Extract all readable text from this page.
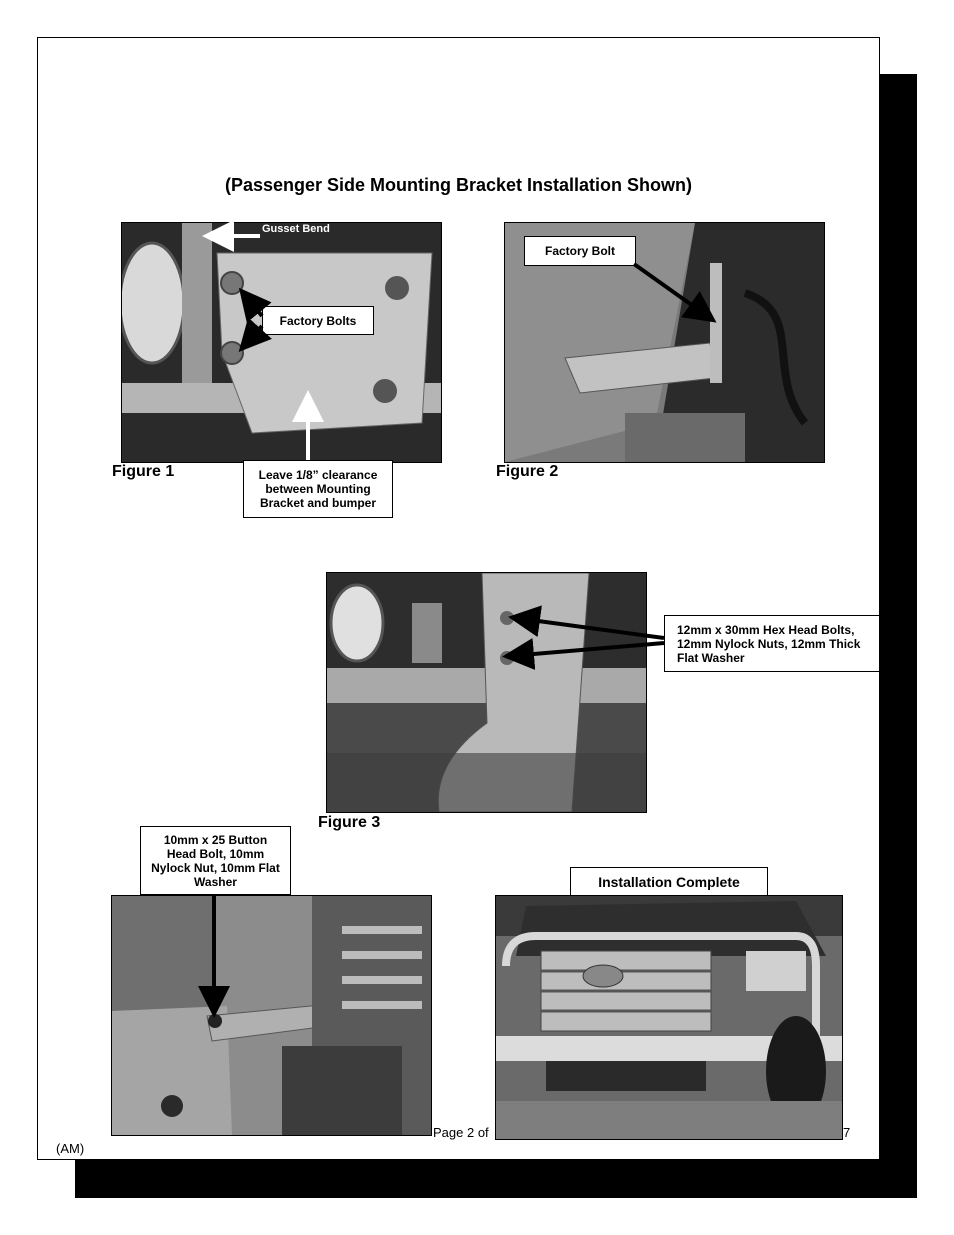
(Passenger Side Mounting Bracket Installation Shown)
Gusset Bend
Factory Bolts
Figure 1	Leave 1/8” clearance between Mounting Bracket and bumper
Factory Bolt
Figure 2
12mm x 30mm Hex Head Bolts, 12mm Nylock Nuts, 12mm Thick Flat Washer
Figure 3
10mm x 25 Button Head Bolt, 10mm Nylock Nut, 10mm Flat Washer	Installation Complete
Page 2 of	7
(AM)
